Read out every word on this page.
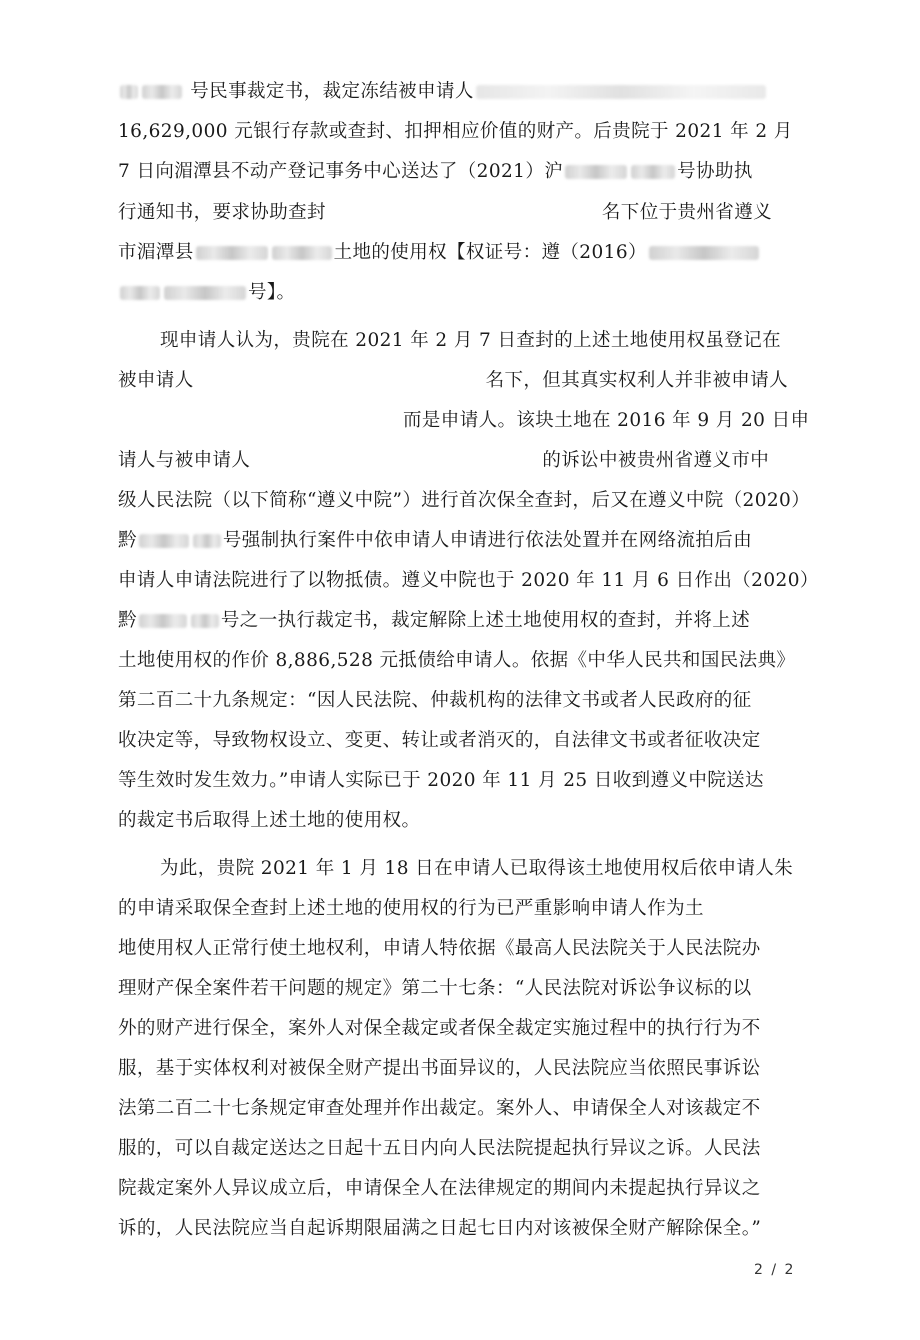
号民事裁定书，裁定冻结被申请人
16,629,000 元银行存款或查封、扣押相应价值的财产。后贵院于 2021 年 2 月
7 日向湄潭县不动产登记事务中心送达了（2021）沪	号协助执
行通知书，要求协助查封	名下位于贵州省遵义
市湄潭县	土地的使用权【权证号：遵（2016）
号】。
现申请人认为，贵院在 2021 年 2 月 7 日查封的上述土地使用权虽登记在
被申请人	名下，但其真实权利人并非被申请人
而是申请人。该块土地在 2016 年 9 月 20 日申
请人与被申请人	的诉讼中被贵州省遵义市中
级人民法院（以下简称“遵义中院”）进行首次保全查封，后又在遵义中院（2020）
黔	号强制执行案件中依申请人申请进行依法处置并在网络流拍后由
申请人申请法院进行了以物抵债。遵义中院也于 2020 年 11 月 6 日作出（2020）
黔	号之一执行裁定书，裁定解除上述土地使用权的查封，并将上述
土地使用权的作价 8,886,528 元抵债给申请人。依据《中华人民共和国民法典》
第二百二十九条规定：“因人民法院、仲裁机构的法律文书或者人民政府的征
收决定等，导致物权设立、变更、转让或者消灭的，自法律文书或者征收决定
等生效时发生效力。”申请人实际已于 2020 年 11 月 25 日收到遵义中院送达
的裁定书后取得上述土地的使用权。
为此，贵院 2021 年 1 月 18 日在申请人已取得该土地使用权后依申请人朱
的申请采取保全查封上述土地的使用权的行为已严重影响申请人作为土
地使用权人正常行使土地权利，申请人特依据《最高人民法院关于人民法院办
理财产保全案件若干问题的规定》第二十七条：“人民法院对诉讼争议标的以
外的财产进行保全，案外人对保全裁定或者保全裁定实施过程中的执行行为不
服，基于实体权利对被保全财产提出书面异议的，人民法院应当依照民事诉讼
法第二百二十七条规定审查处理并作出裁定。案外人、申请保全人对该裁定不
服的，可以自裁定送达之日起十五日内向人民法院提起执行异议之诉。人民法
院裁定案外人异议成立后，申请保全人在法律规定的期间内未提起执行异议之
诉的，人民法院应当自起诉期限届满之日起七日内对该被保全财产解除保全。”
2 / 2
